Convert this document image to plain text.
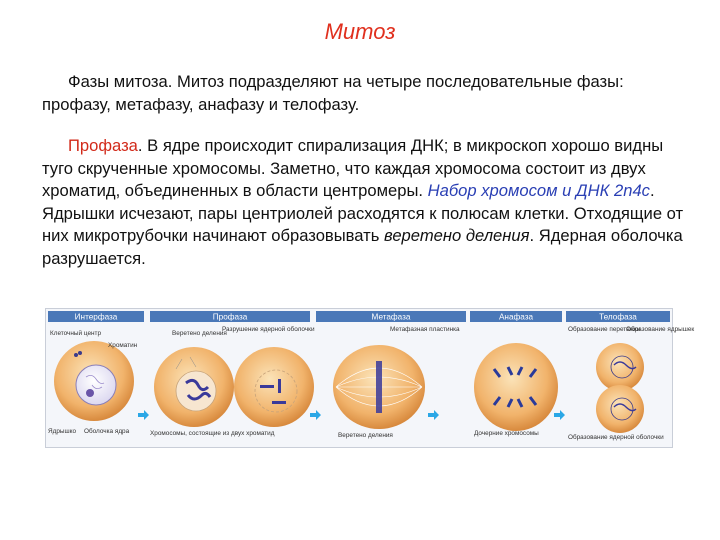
Митоз
Фазы митоза. Митоз подразделяют на четыре последовательные фазы: профазу, метафазу, анафазу и телофазу.
Профаза. В ядре происходит спирализация ДНК; в микроскоп хорошо видны туго скрученные хромосомы. Заметно, что каждая хромосома состоит из двух хроматид, объединенных в области центромеры. Набор хромосом и ДНК 2n4c. Ядрышки исчезают, пары центриолей расходятся к полюсам клетки. Отходящие от них микротрубочки начинают образовывать веретено деления. Ядерная оболочка разрушается.
Интерфаза	Профаза	Метафаза	Анафаза	Телофаза
Клеточный центр
Хроматин
Ядрышко Оболочка ядра
Веретено деления
Разрушение ядерной оболочки
Хромосомы, состоящие из двух хроматид
Метафазная пластинка
Веретено деления	Дочерние хромосомы
Образование перетяжки
Образование ядрышек
Образование ядерной оболочки
